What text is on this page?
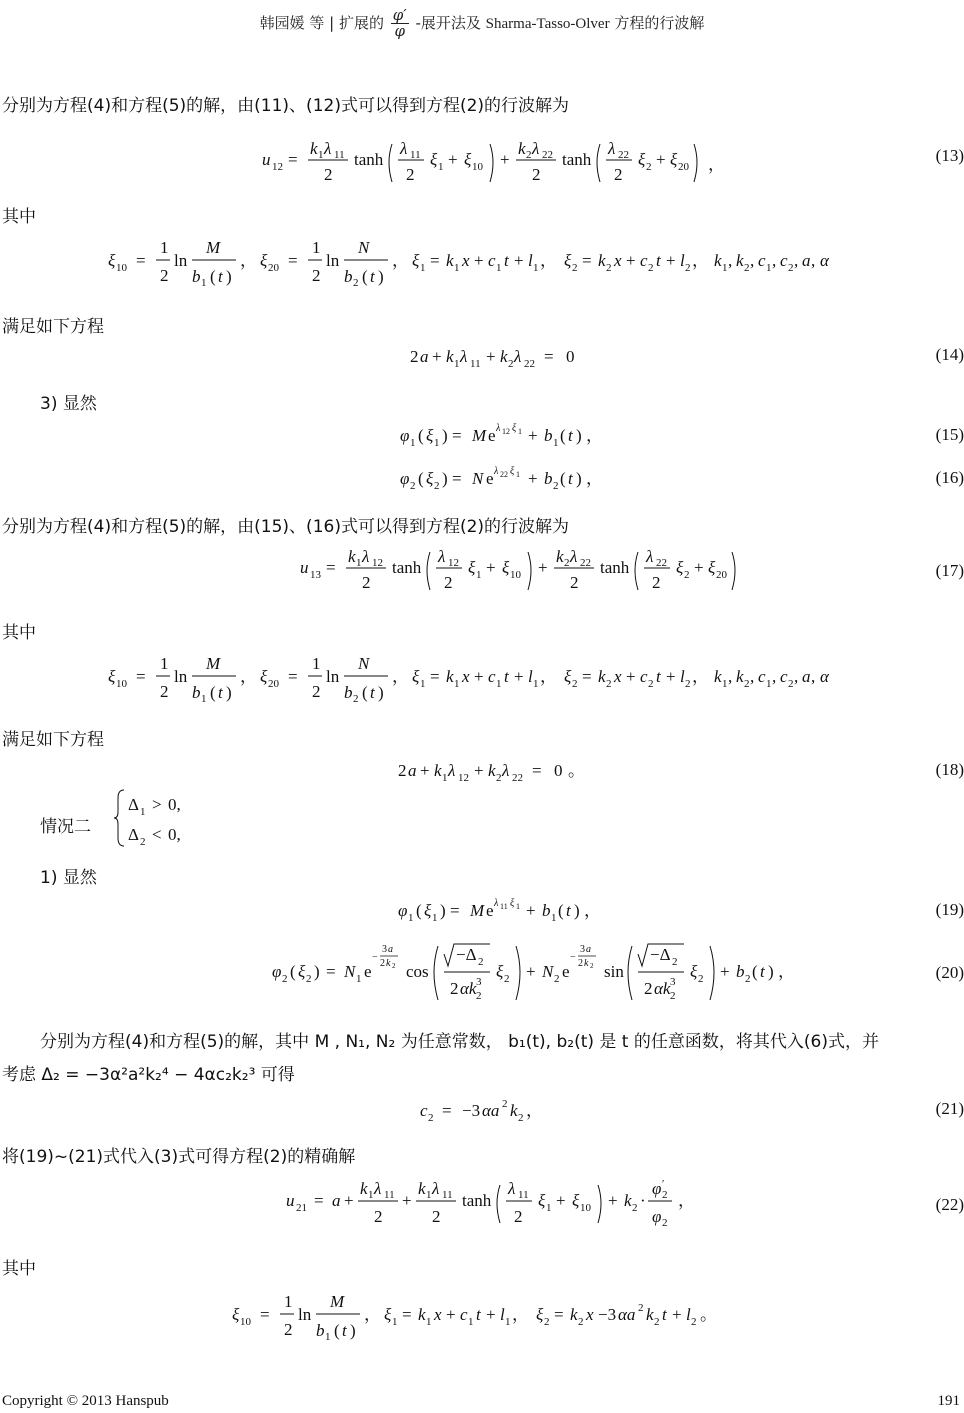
韩园媛 等 | 扩展的 $\frac{\varphi'}{\varphi}$ -展开法及 Sharma-Tasso-Olver 方程的行波解
分别为方程(4)和方程(5)的解，由(11)、(12)式可以得到方程(2)的行波解为
u 12 =
k 1 λ 11
2
tanh
λ 11
2
ξ 1 + ξ 10 +
k 2 λ 22
2
tanh
λ 22
2
ξ 2 + ξ 20 ，	(13)
其中
ξ 10 =
1
2
ln
M
b 1 ( t )
， ξ 20 =
1
2
ln
N
b 2 ( t )
， ξ 1 = k 1 x + c 1 t + l 1 ， ξ 2 = k 2 x + c 2 t + l 2 ， k 1 , k 2 , c 1 , c 2 , a , α
满足如下方程
2 a + k 1 λ 11 + k 2 λ 22 = 0	(14)
3) 显然
φ 1 ( ξ 1 ) = M e λ 12 ξ 1 + b 1 ( t ) ，	(15)
φ 2 ( ξ 2 ) = N e λ 22 ξ 1 + b 2 ( t ) ，	(16)
分别为方程(4)和方程(5)的解，由(15)、(16)式可以得到方程(2)的行波解为
u 13 =
k 1 λ 12
2
tanh
λ 12
2
ξ 1 + ξ 10 +
k 2 λ 22
2
tanh
λ 22
2
ξ 2 + ξ 20	(17)
其中
ξ 10 =
1
2
ln
M
b 1 ( t )
， ξ 20 =
1
2
ln
N
b 2 ( t )
， ξ 1 = k 1 x + c 1 t + l 1 ， ξ 2 = k 2 x + c 2 t + l 2 ， k 1 , k 2 , c 1 , c 2 , a , α
满足如下方程
2 a + k 1 λ 12 + k 2 λ 22 = 0 。	(18)
情况二
Δ 1 > 0,
Δ 2 < 0,
1) 显然
φ 1 ( ξ 1 ) = M e λ 11 ξ 1 + b 1 ( t ) ，	(19)
φ 2 ( ξ 2 ) = N 1 e
−
3 a
2 k 2 cos
−Δ 2
2 αk 3
2
ξ 2 + N 2 e
−
3 a
2 k 2 sin
−Δ 2
2 αk 3
2
ξ 2 + b 2 ( t ) ，	(20)
分别为方程(4)和方程(5)的解，其中 M , N₁, N₂ 为任意常数， b₁(t), b₂(t) 是 t 的任意函数，将其代入(6)式，并
考虑 Δ₂ = −3α²a²k₂⁴ − 4αc₂k₂³ 可得
c 2 = −3 αa 2 k 2 ，	(21)
将(19)~(21)式代入(3)式可得方程(2)的精确解
u 21 = a +
k 1 λ 11
2
+
k 1 λ 11
2
tanh
λ 11
2
ξ 1 + ξ 10 + k 2 ·
φ ′
2
φ 2
，	(22)
其中
ξ 10 =
1
2
ln
M
b 1 ( t )
， ξ 1 = k 1 x + c 1 t + l 1 ， ξ 2 = k 2 x −3 αa 2 k 2 t + l 2 。
Copyright © 2013 Hanspub	191
